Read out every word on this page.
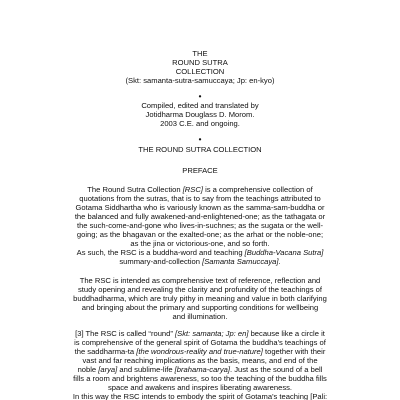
THE
ROUND SUTRA
COLLECTION
(Skt: samanta-sutra-samuccaya; Jp: en-kyo)
•
Compiled, edited and translated by
Jotidharma Douglass D. Morom.
2003 C.E. and ongoing.
•
THE ROUND SUTRA COLLECTION
PREFACE
The Round Sutra Collection [RSC] is a comprehensive collection of
quotations from the sutras, that is to say from the teachings attributed to
Gotama Siddhartha who is variously known as the samma-sam-buddha or
the balanced and fully awakened-and-enlightened-one; as the tathagata or
the such-come-and-gone who lives-in-suchnes; as the sugata or the well-
going; as the bhagavan or the exalted-one; as the arhat or the noble-one;
as the jina or victorious-one, and so forth.
As such, the RSC is a buddha-word and teaching [Buddha-Vacana Sutra]
summary-and-collection [Samanta Samuccaya].
The RSC is intended as comprehensive text of reference, reflection and
study opening and revealing the clarity and profundity of the teachings of
buddhadharma, which are truly pithy in meaning and value in both clarifying
and bringing about the primary and supporting conditions for wellbeing
and illumination.
[3] The RSC is called “round” [Skt: samanta; Jp: en] because like a circle it
is comprehensive of the general spirit of Gotama the buddha's teachings of
the saddharma-ta [the wondrous-reality and true-nature] together with their
vast and far reaching implications as the basis, means, and end of the
noble [arya] and sublime-life [brahama-carya]. Just as the sound of a bell
fills a room and brightens awareness, so too the teaching of the buddha fills
space and awakens and inspires liberating awareness.
In this way the RSC intends to embody the spirit of Gotama's teaching [Pali:
